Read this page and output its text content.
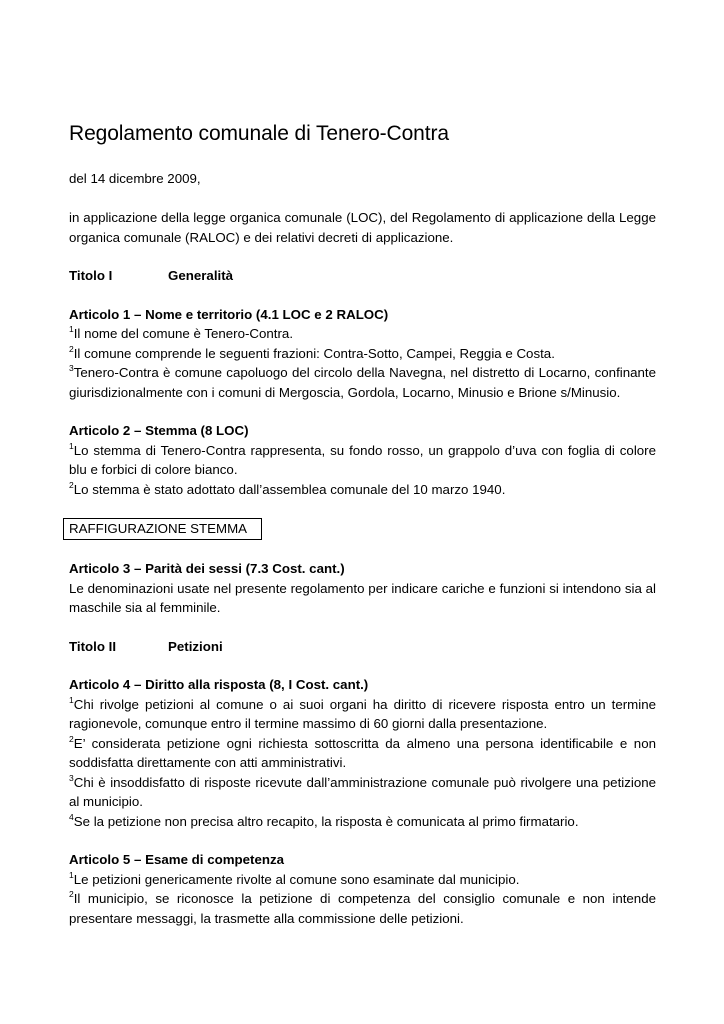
Regolamento comunale di Tenero-Contra
del 14 dicembre 2009,

in applicazione della legge organica comunale (LOC), del Regolamento di applicazione della Legge organica comunale (RALOC) e dei relativi decreti di applicazione.

Titolo I	Generalità
Articolo 1 – Nome e territorio (4.1 LOC e 2 RALOC)

$^1$Il nome del comune è Tenero-Contra.

$^2$Il comune comprende le seguenti frazioni: Contra-Sotto, Campei, Reggia e Costa.

$^3$Tenero-Contra è comune capoluogo del circolo della Navegna, nel distretto di Locarno, confinante giurisdizionalmente con i comuni di Mergoscia, Gordola, Locarno, Minusio e Brione s/Minusio.

Articolo 2 – Stemma (8 LOC)

$^1$Lo stemma di Tenero-Contra rappresenta, su fondo rosso, un grappolo d’uva con foglia di colore blu e forbici di colore bianco.

$^2$Lo stemma è stato adottato dall’assemblea comunale del 10 marzo 1940.

RAFFIGURAZIONE STEMMA
Articolo 3 – Parità dei sessi (7.3 Cost. cant.)

Le denominazioni usate nel presente regolamento per indicare cariche e funzioni si intendono sia al maschile sia al femminile.

Titolo II	Petizioni
Articolo 4 – Diritto alla risposta (8, I Cost. cant.)

$^1$Chi rivolge petizioni al comune o ai suoi organi ha diritto di ricevere risposta entro un termine ragionevole, comunque entro il termine massimo di 60 giorni dalla presentazione.

$^2$E’ considerata petizione ogni richiesta sottoscritta da almeno una persona identificabile e non soddisfatta direttamente con atti amministrativi.

$^3$Chi è insoddisfatto di risposte ricevute dall’amministrazione comunale può rivolgere una petizione al municipio.

$^4$Se la petizione non precisa altro recapito, la risposta è comunicata al primo firmatario.

Articolo 5 – Esame di competenza

$^1$Le petizioni genericamente rivolte al comune sono esaminate dal municipio.

$^2$Il municipio, se riconosce la petizione di competenza del consiglio comunale e non intende presentare messaggi, la trasmette alla commissione delle petizioni.
